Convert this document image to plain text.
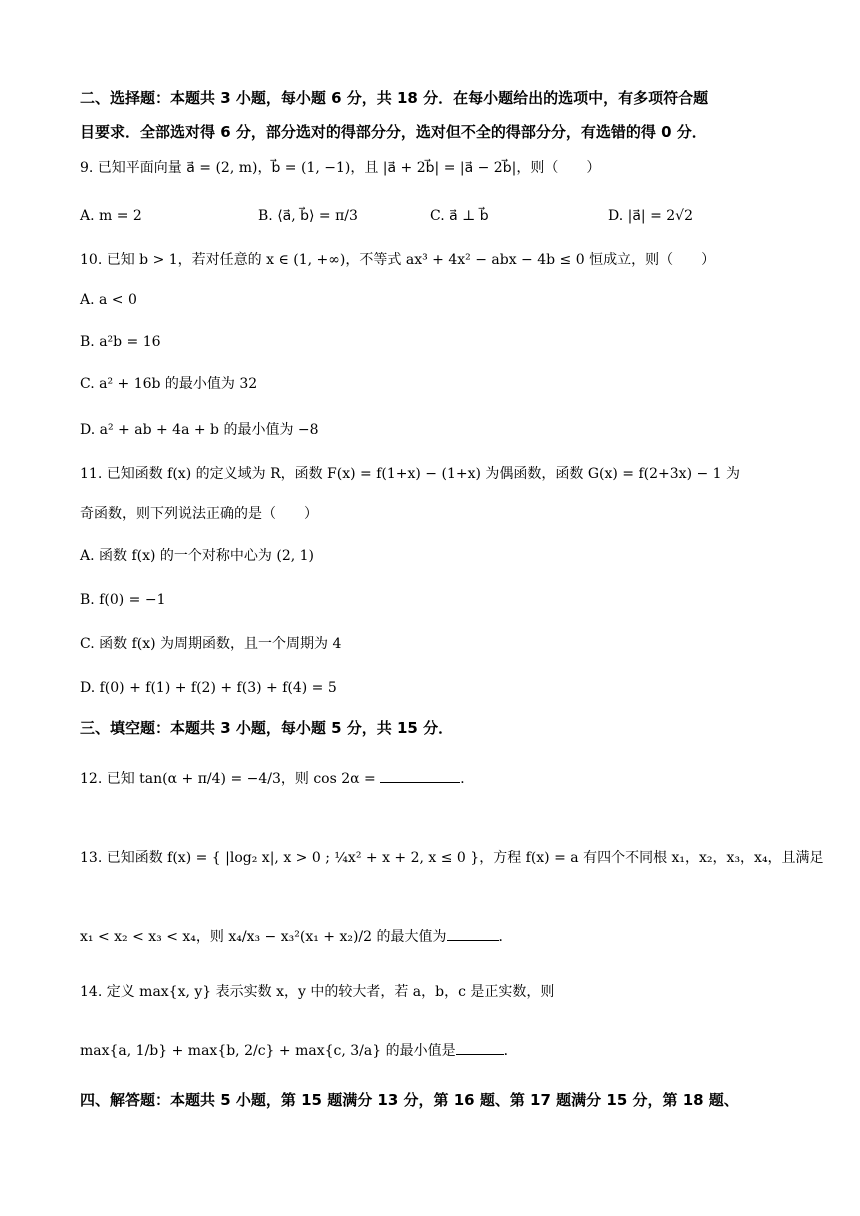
二、选择题：本题共 3 小题，每小题 6 分，共 18 分．在每小题给出的选项中，有多项符合题
目要求．全部选对得 6 分，部分选对的得部分分，选对但不全的得部分分，有选错的得 0 分．
9. 已知平面向量 a⃗ = (2, m)，b⃗ = (1, −1)，且 |a⃗ + 2b⃗| = |a⃗ − 2b⃗|，则（　　）
A. m = 2	B. ⟨a⃗, b⃗⟩ = π/3	C. a⃗ ⊥ b⃗	D. |a⃗| = 2√2
10. 已知 b > 1，若对任意的 x ∈ (1, +∞)，不等式 ax³ + 4x² − abx − 4b ≤ 0 恒成立，则（　　）
A. a < 0
B. a²b = 16
C. a² + 16b 的最小值为 32
D. a² + ab + 4a + b 的最小值为 −8
11. 已知函数 f(x) 的定义域为 R，函数 F(x) = f(1+x) − (1+x) 为偶函数，函数 G(x) = f(2+3x) − 1 为
奇函数，则下列说法正确的是（　　）
A. 函数 f(x) 的一个对称中心为 (2, 1)
B. f(0) = −1
C. 函数 f(x) 为周期函数，且一个周期为 4
D. f(0) + f(1) + f(2) + f(3) + f(4) = 5
三、填空题：本题共 3 小题，每小题 5 分，共 15 分．
12. 已知 tan(α + π/4) = −4/3，则 cos 2α =	．
13. 已知函数 f(x) = { |log₂ x|, x > 0 ; ¼x² + x + 2, x ≤ 0 }，方程 f(x) = a 有四个不同根 x₁，x₂，x₃，x₄，且满足
x₁ < x₂ < x₃ < x₄，则 x₄/x₃ − x₃²(x₁ + x₂)/2 的最大值为	．
14. 定义 max{x, y} 表示实数 x，y 中的较大者，若 a，b，c 是正实数，则
max{a, 1/b} + max{b, 2/c} + max{c, 3/a} 的最小值是	．
四、解答题：本题共 5 小题，第 15 题满分 13 分，第 16 题、第 17 题满分 15 分，第 18 题、
